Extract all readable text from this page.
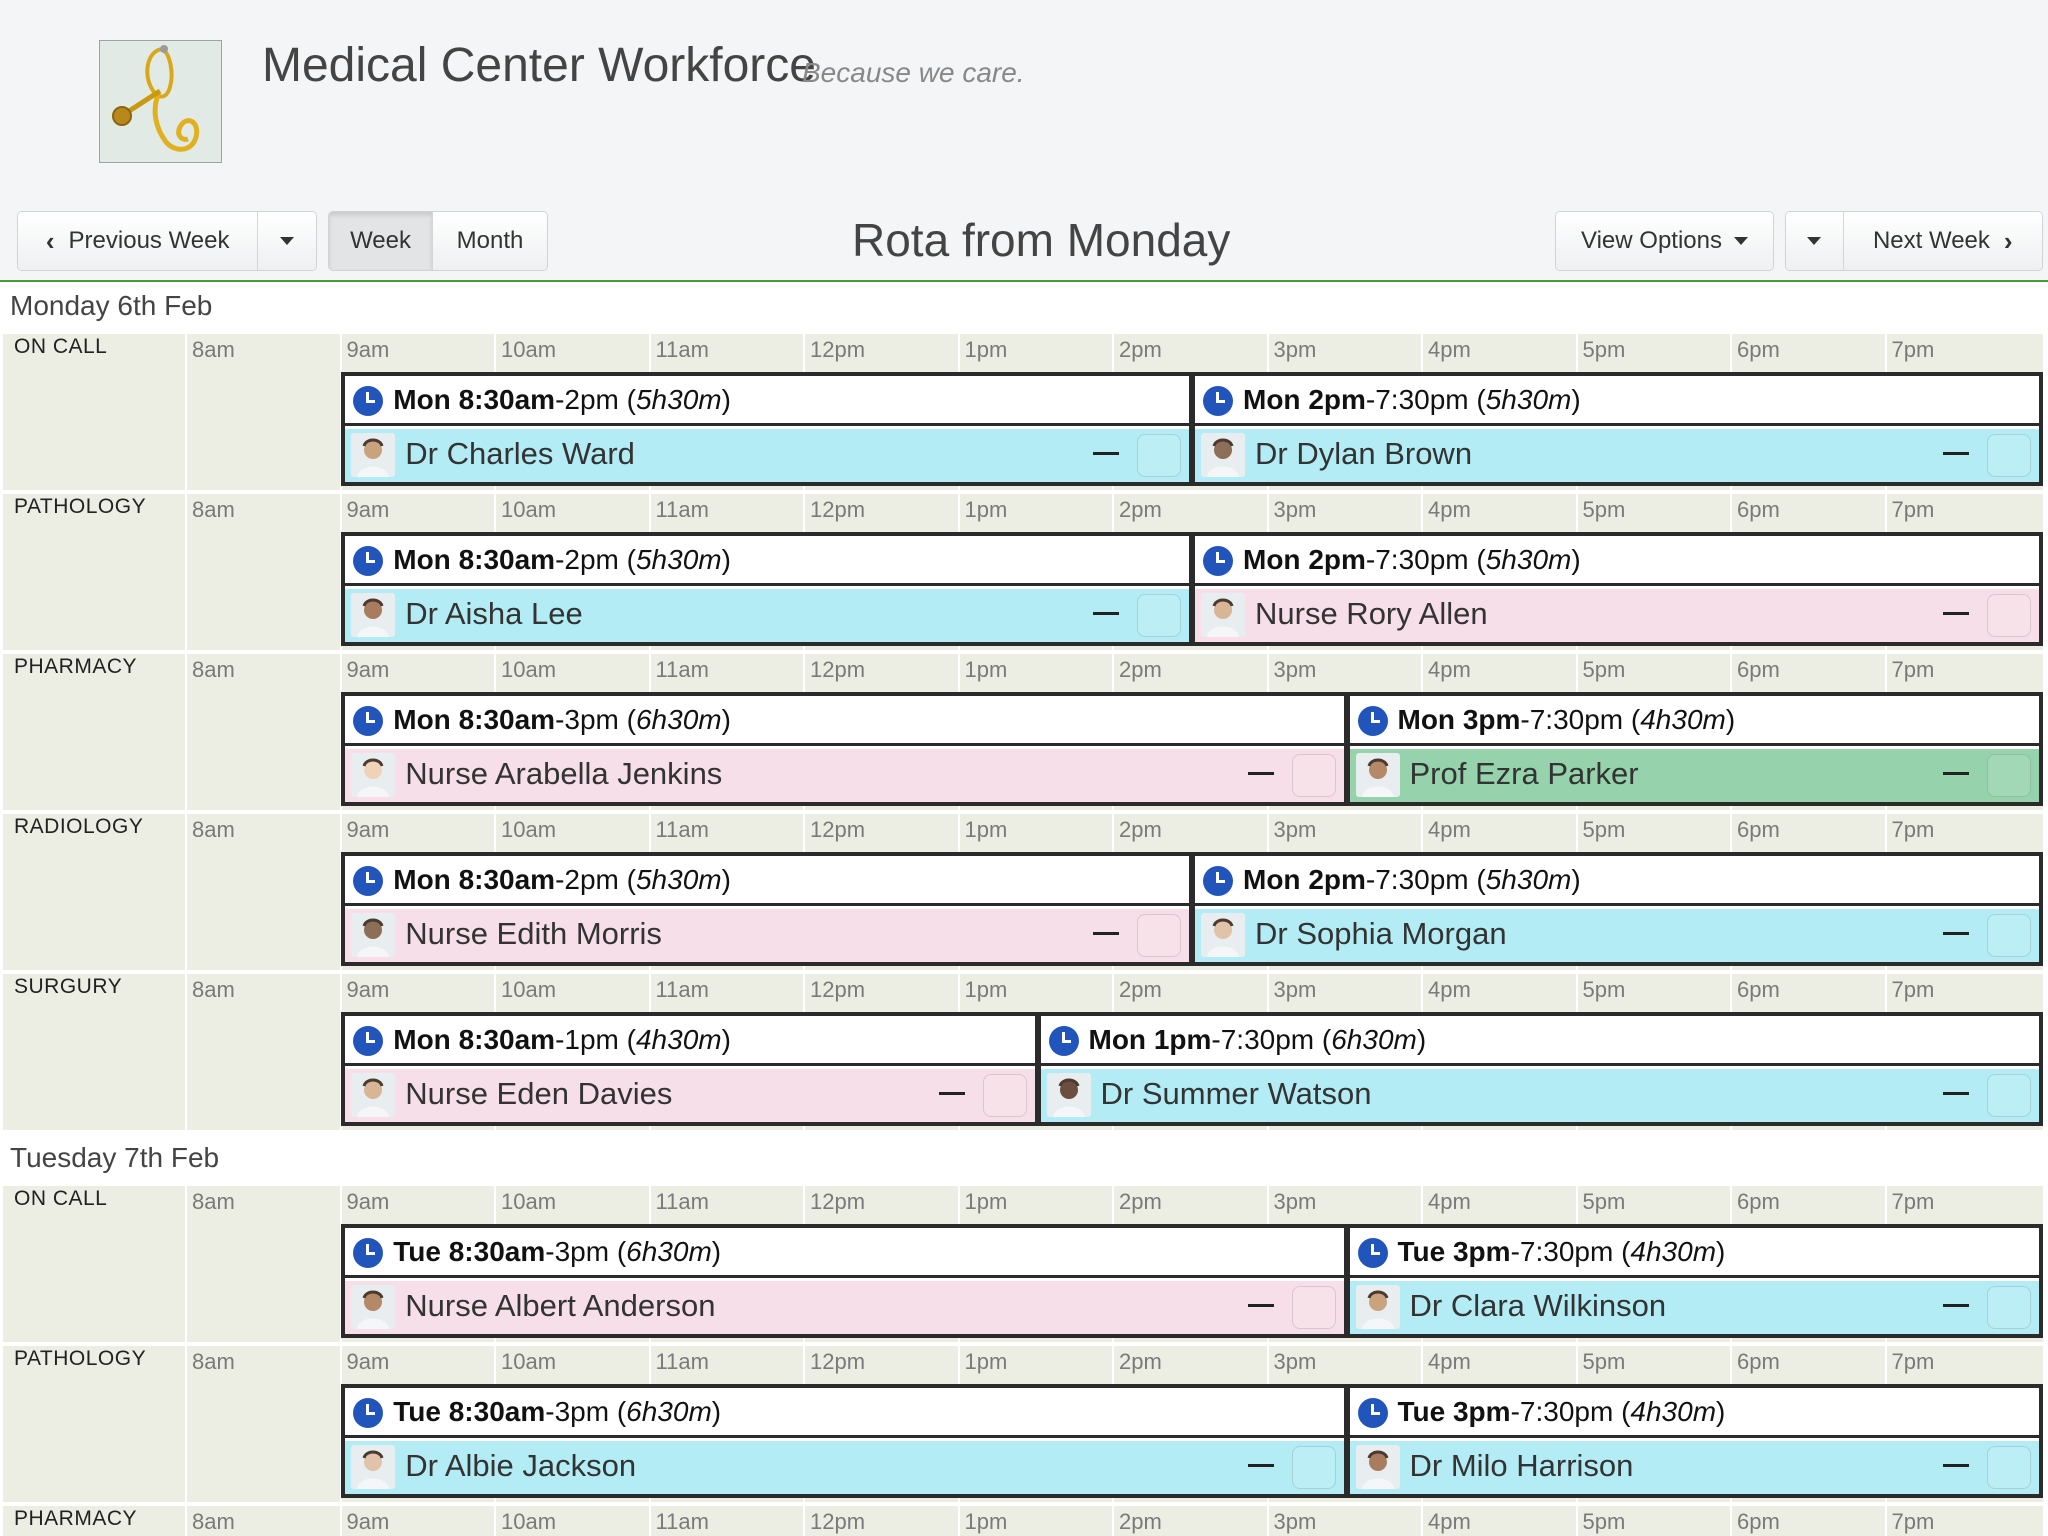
Medical Center Workforce
Because we care.
‹ Previous Week	Week	Month	Rota from Monday	View Options	Next Week ›
Monday 6th Feb
ON CALL	8am	9am	10am	11am	12pm	1pm	2pm	3pm	4pm	5pm	6pm	7pm
Mon 8:30am-2pm (5h30m)
Dr Charles Ward
Mon 2pm-7:30pm (5h30m)
Dr Dylan Brown
PATHOLOGY 8am	9am	10am	11am	12pm	1pm	2pm	3pm	4pm	5pm	6pm	7pm
Mon 8:30am-2pm (5h30m)
Dr Aisha Lee
Mon 2pm-7:30pm (5h30m)
Nurse Rory Allen
PHARMACY 8am	9am	10am	11am	12pm	1pm	2pm	3pm	4pm	5pm	6pm	7pm
Mon 8:30am-3pm (6h30m)
Nurse Arabella Jenkins
Mon 3pm-7:30pm (4h30m)
Prof Ezra Parker
RADIOLOGY 8am	9am	10am	11am	12pm	1pm	2pm	3pm	4pm	5pm	6pm	7pm
Mon 8:30am-2pm (5h30m)
Nurse Edith Morris
Mon 2pm-7:30pm (5h30m)
Dr Sophia Morgan
SURGURY	8am	9am	10am	11am	12pm	1pm	2pm	3pm	4pm	5pm	6pm	7pm
Mon 8:30am-1pm (4h30m)
Nurse Eden Davies
Mon 1pm-7:30pm (6h30m)
Dr Summer Watson
Tuesday 7th Feb
ON CALL	8am	9am	10am	11am	12pm	1pm	2pm	3pm	4pm	5pm	6pm	7pm
Tue 8:30am-3pm (6h30m)
Nurse Albert Anderson
Tue 3pm-7:30pm (4h30m)
Dr Clara Wilkinson
PATHOLOGY 8am	9am	10am	11am	12pm	1pm	2pm	3pm	4pm	5pm	6pm	7pm
Tue 8:30am-3pm (6h30m)
Dr Albie Jackson
Tue 3pm-7:30pm (4h30m)
Dr Milo Harrison
PHARMACY 8am	9am	10am	11am	12pm	1pm	2pm	3pm	4pm	5pm	6pm	7pm
